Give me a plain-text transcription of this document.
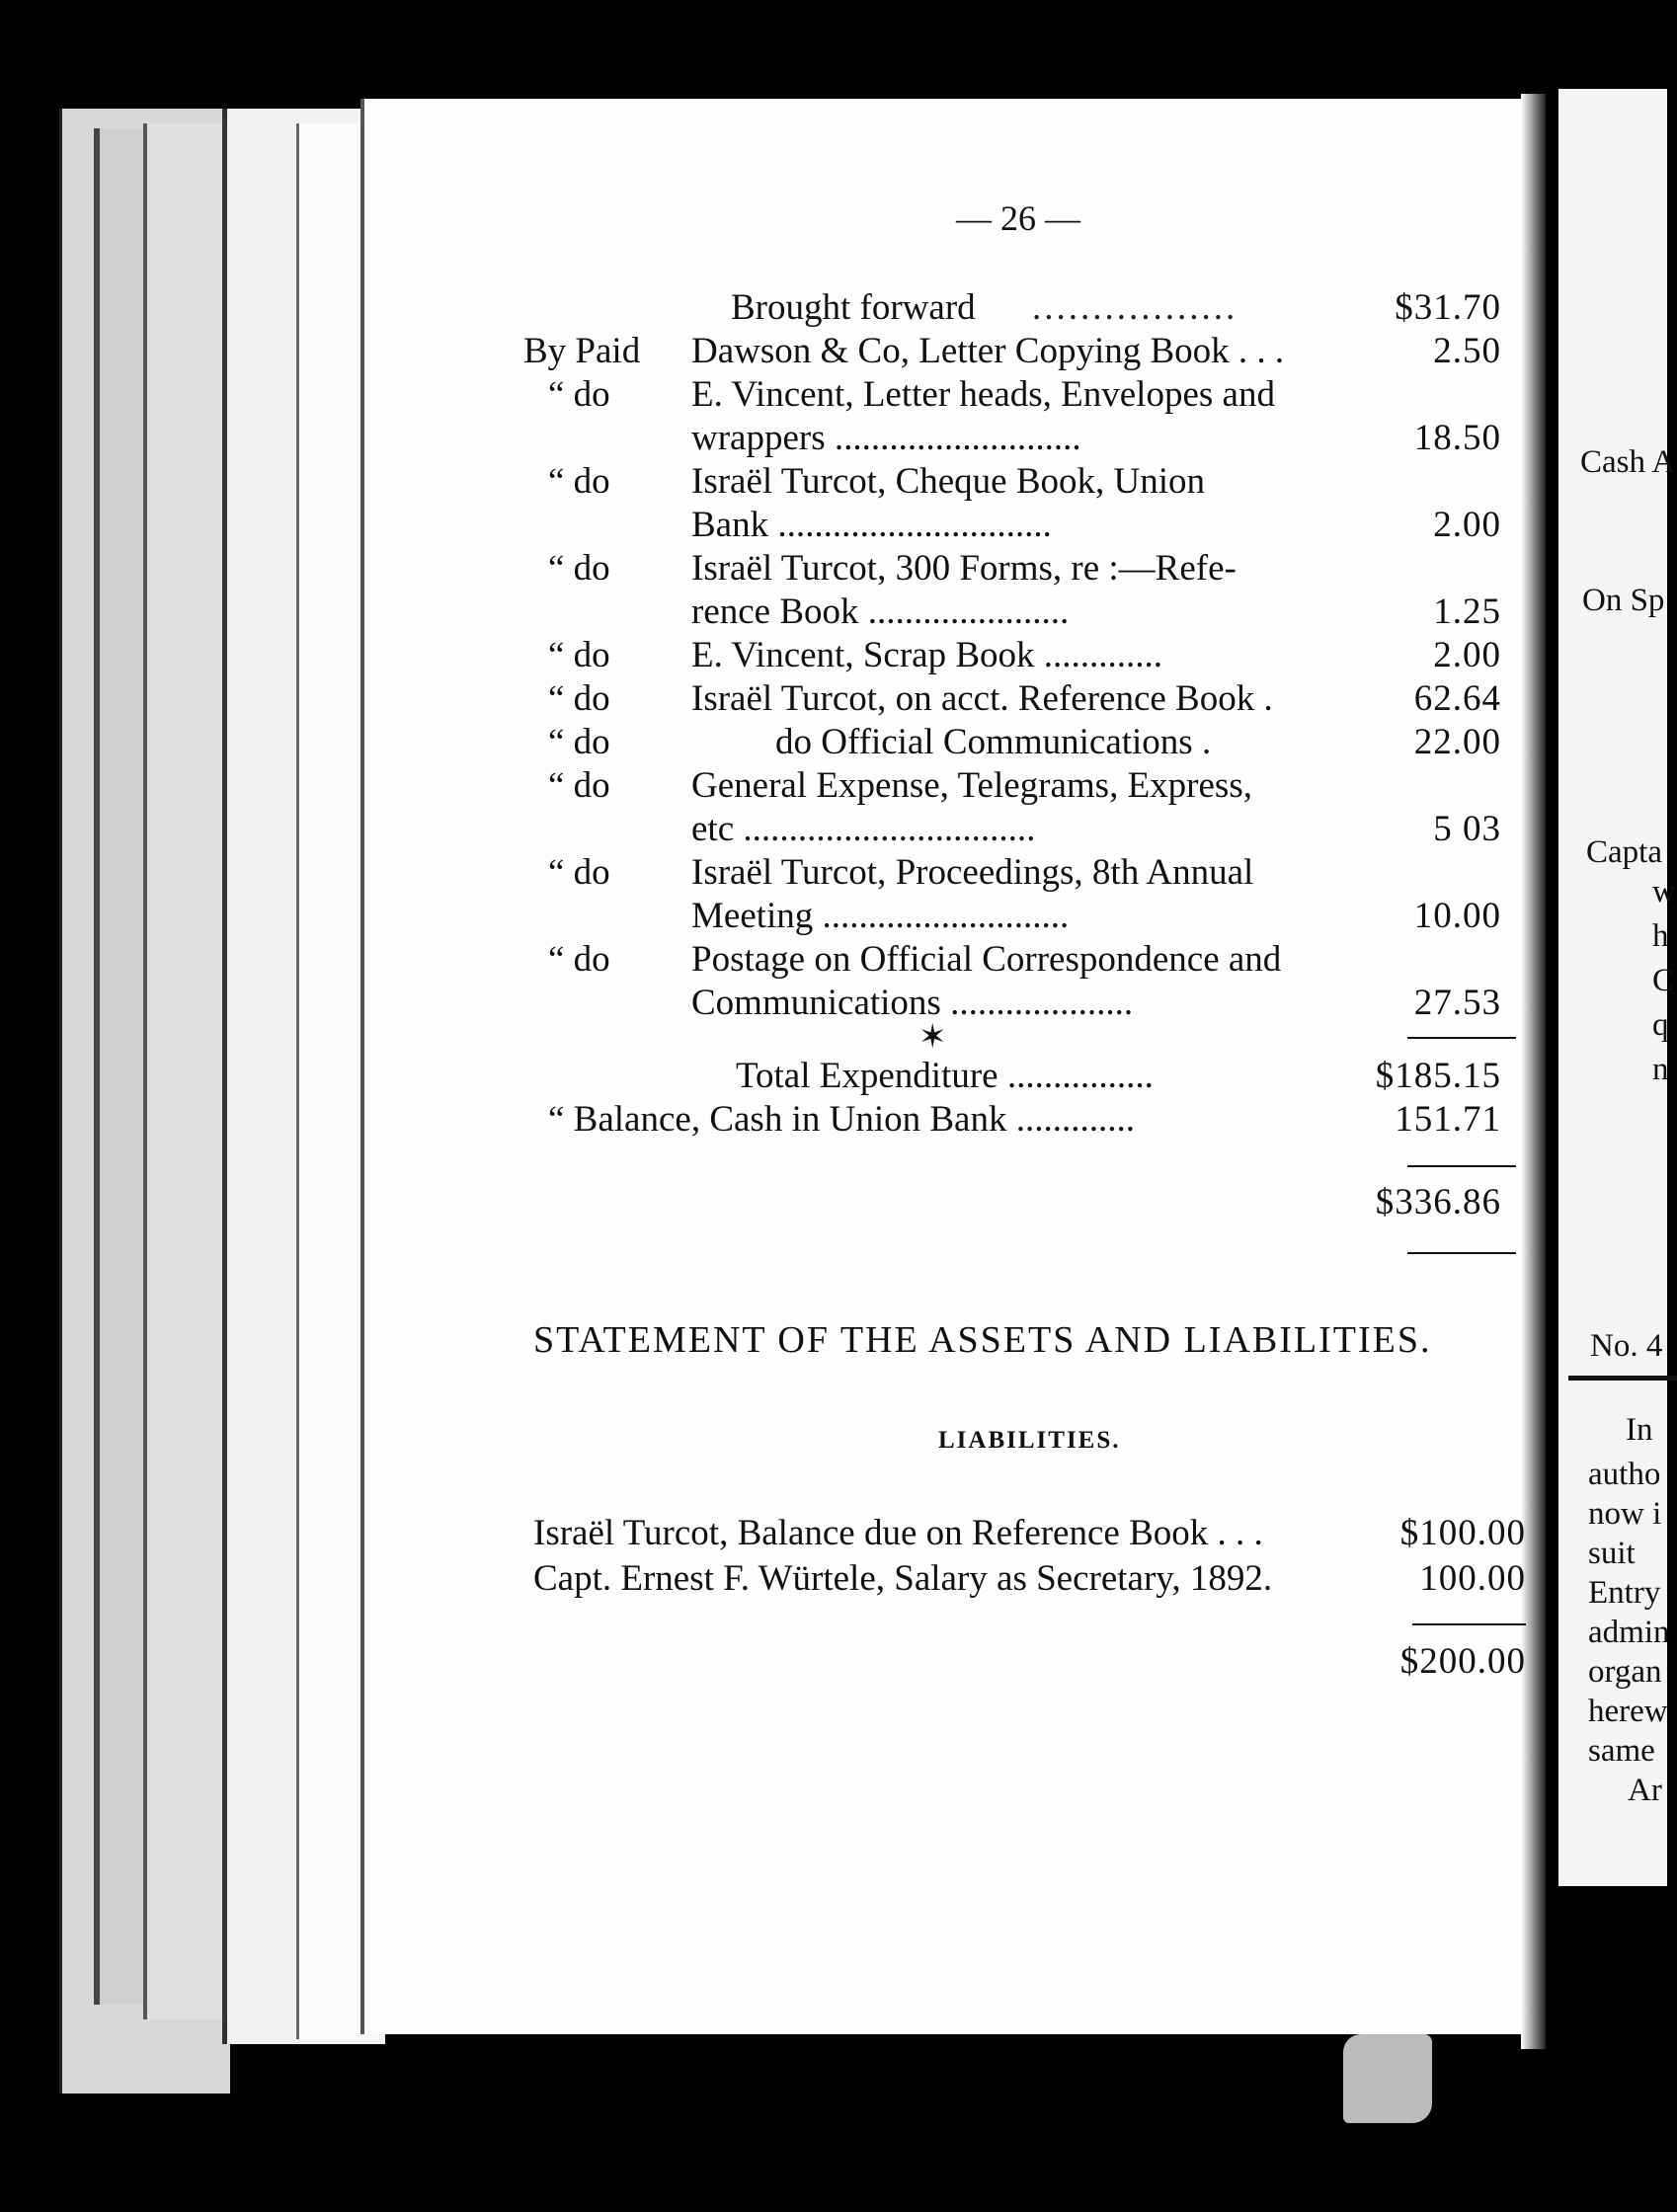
Cash A
On Sp
Capta
w
h
C
q
n
No. 4
In
autho
now i
suit
Entry
admin
organ
herew
same
Ar
— 26 —
Brought forward .................	$31.70
By Paid Dawson & Co, Letter Copying Book . . .	2.50
“ do E. Vincent, Letter heads, Envelopes and
wrappers ...........................	18.50
“ do Israël Turcot, Cheque Book, Union
Bank ..............................	2.00
“ do Israël Turcot, 300 Forms, re :—Refe-
rence Book ......................	1.25
“ do E. Vincent, Scrap Book .............	2.00
“ do Israël Turcot, on acct. Reference Book .	62.64
“ do	do Official Communications .	22.00
“ do General Expense, Telegrams, Express,
etc ................................	5 03
“ do Israël Turcot, Proceedings, 8th Annual
Meeting ...........................	10.00
“ do Postage on Official Correspondence and
Communications ....................	27.53
✶
Total Expenditure ................	$185.15
“ Balance, Cash in Union Bank .............	151.71
$336.86
STATEMENT OF THE ASSETS AND LIABILITIES.
LIABILITIES.
Israël Turcot, Balance due on Reference Book . . .	$100.00
Capt. Ernest F. Würtele, Salary as Secretary, 1892.	100.00
$200.00
